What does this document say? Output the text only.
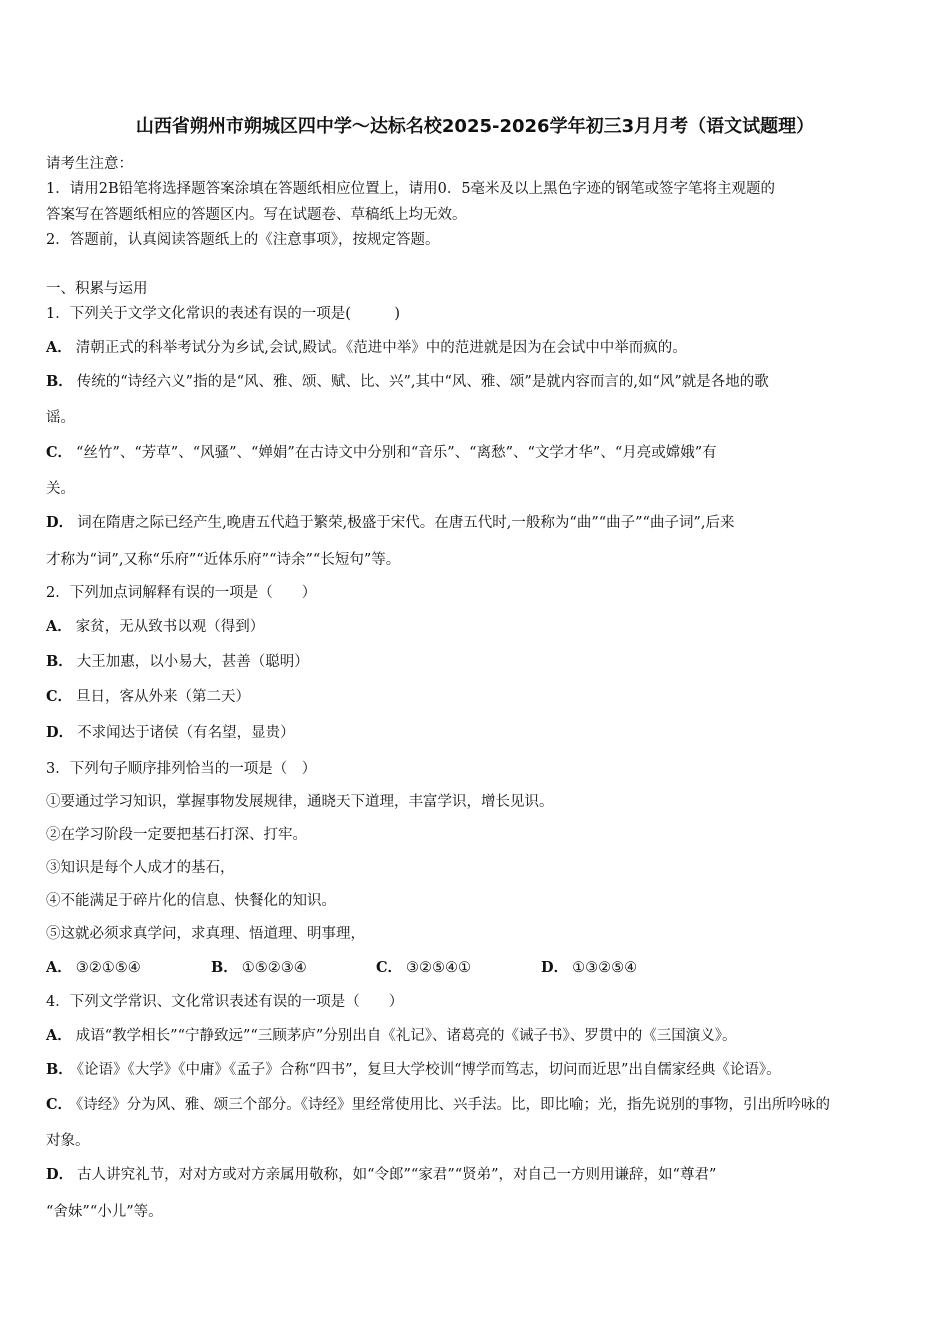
山西省朔州市朔城区四中学～达标名校2025-2026学年初三3月月考（语文试题理）
请考生注意：
1．请用2B铅笔将选择题答案涂填在答题纸相应位置上，请用0．5毫米及以上黑色字迹的钢笔或签字笔将主观题的
答案写在答题纸相应的答题区内。写在试题卷、草稿纸上均无效。
2．答题前，认真阅读答题纸上的《注意事项》，按规定答题。
一、积累与运用
1．下列关于文学文化常识的表述有误的一项是(　　　)
A． 清朝正式的科举考试分为乡试,会试,殿试。《范进中举》中的范进就是因为在会试中中举而疯的。
B． 传统的“诗经六义”指的是“风、雅、颂、赋、比、兴”,其中“风、雅、颂”是就内容而言的,如“风”就是各地的歌
谣。
C． “丝竹”、“芳草”、“风骚”、“婵娟”在古诗文中分别和“音乐”、“离愁”、“文学才华”、“月亮或嫦娥”有
关。
D． 词在隋唐之际已经产生,晚唐五代趋于繁荣,极盛于宋代。在唐五代时,一般称为“曲”“曲子”“曲子词”,后来
才称为“词”,又称“乐府”“近体乐府”“诗余”“长短句”等。
2．下列加点词解释有误的一项是（　　）
A． 家贫，无从致书以观（得到）
B． 大王加惠，以小易大，甚善（聪明）
C． 旦日，客从外来（第二天）
D． 不求闻达于诸侯（有名望，显贵）
3．下列句子顺序排列恰当的一项是（　）
①要通过学习知识，掌握事物发展规律，通晓天下道理，丰富学识，增长见识。
②在学习阶段一定要把基石打深、打牢。
③知识是每个人成才的基石，
④不能满足于碎片化的信息、快餐化的知识。
⑤这就必须求真学问，求真理、悟道理、明事理，
A． ③②①⑤④	B． ①⑤②③④	C． ③②⑤④①	D． ①③②⑤④
4．下列文学常识、文化常识表述有误的一项是（　　）
A． 成语“教学相长”“宁静致远”“三顾茅庐”分别出自《礼记》、诸葛亮的《诫子书》、罗贯中的《三国演义》。
B． 《论语》《大学》《中庸》《孟子》合称“四书”，复旦大学校训“博学而笃志，切问而近思”出自儒家经典《论语》。
C． 《诗经》分为风、雅、颂三个部分。《诗经》里经常使用比、兴手法。比，即比喻；光，指先说别的事物，引出所吟咏的
对象。
D． 古人讲究礼节，对对方或对方亲属用敬称，如“令郎”“家君”“贤弟”，对自己一方则用谦辞，如“尊君”
“舍妹”“小儿”等。
